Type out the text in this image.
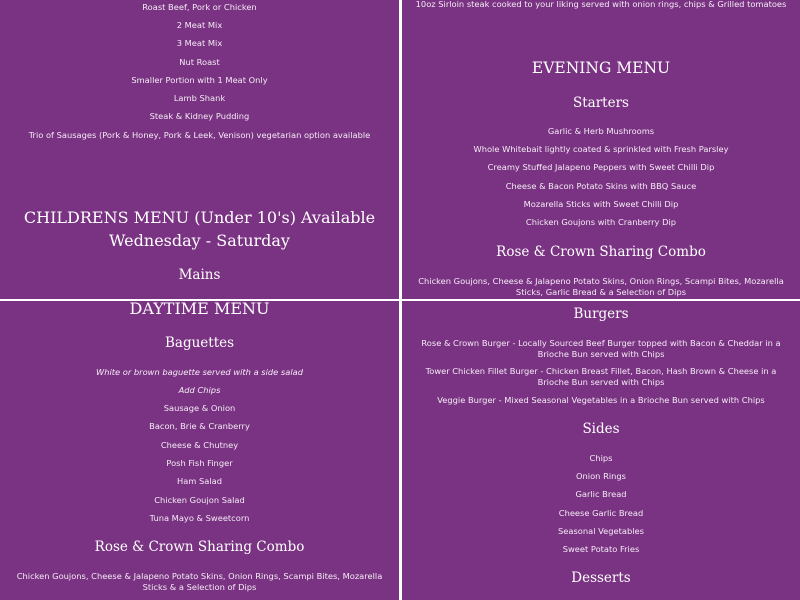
Roast Beef, Pork or Chicken
2 Meat Mix
3 Meat Mix
Nut Roast
Smaller Portion with 1 Meat Only
Lamb Shank
Steak & Kidney Pudding
Trio of Sausages (Pork & Honey, Pork & Leek, Venison) vegetarian option available
CHILDRENS MENU (Under 10's) Available Wednesday - Saturday
Mains
10oz Sirloin steak cooked to your liking served with onion rings, chips & Grilled tomatoes
EVENING MENU
Starters
Garlic & Herb Mushrooms
Whole Whitebait lightly coated & sprinkled with Fresh Parsley
Creamy Stuffed Jalapeno Peppers with Sweet Chilli Dip
Cheese & Bacon Potato Skins with BBQ Sauce
Mozarella Sticks with Sweet Chilli Dip
Chicken Goujons with Cranberry Dip
Rose & Crown Sharing Combo
Chicken Goujons, Cheese & Jalapeno Potato Skins, Onion Rings, Scampi Bites, Mozarella Sticks, Garlic Bread & a Selection of Dips
DAYTIME MENU
Baguettes
White or brown baguette served with a side salad
Add Chips
Sausage & Onion
Bacon, Brie & Cranberry
Cheese & Chutney
Posh Fish Finger
Ham Salad
Chicken Goujon Salad
Tuna Mayo & Sweetcorn
Rose & Crown Sharing Combo
Chicken Goujons, Cheese & Jalapeno Potato Skins, Onion Rings, Scampi Bites, Mozarella Sticks & a Selection of Dips
Burgers
Rose & Crown Burger - Locally Sourced Beef Burger topped with Bacon & Cheddar in a Brioche Bun served with Chips
Tower Chicken Fillet Burger - Chicken Breast Fillet, Bacon, Hash Brown & Cheese in a Brioche Bun served with Chips
Veggie Burger - Mixed Seasonal Vegetables in a Brioche Bun served with Chips
Sides
Chips
Onion Rings
Garlic Bread
Cheese Garlic Bread
Seasonal Vegetables
Sweet Potato Fries
Desserts
